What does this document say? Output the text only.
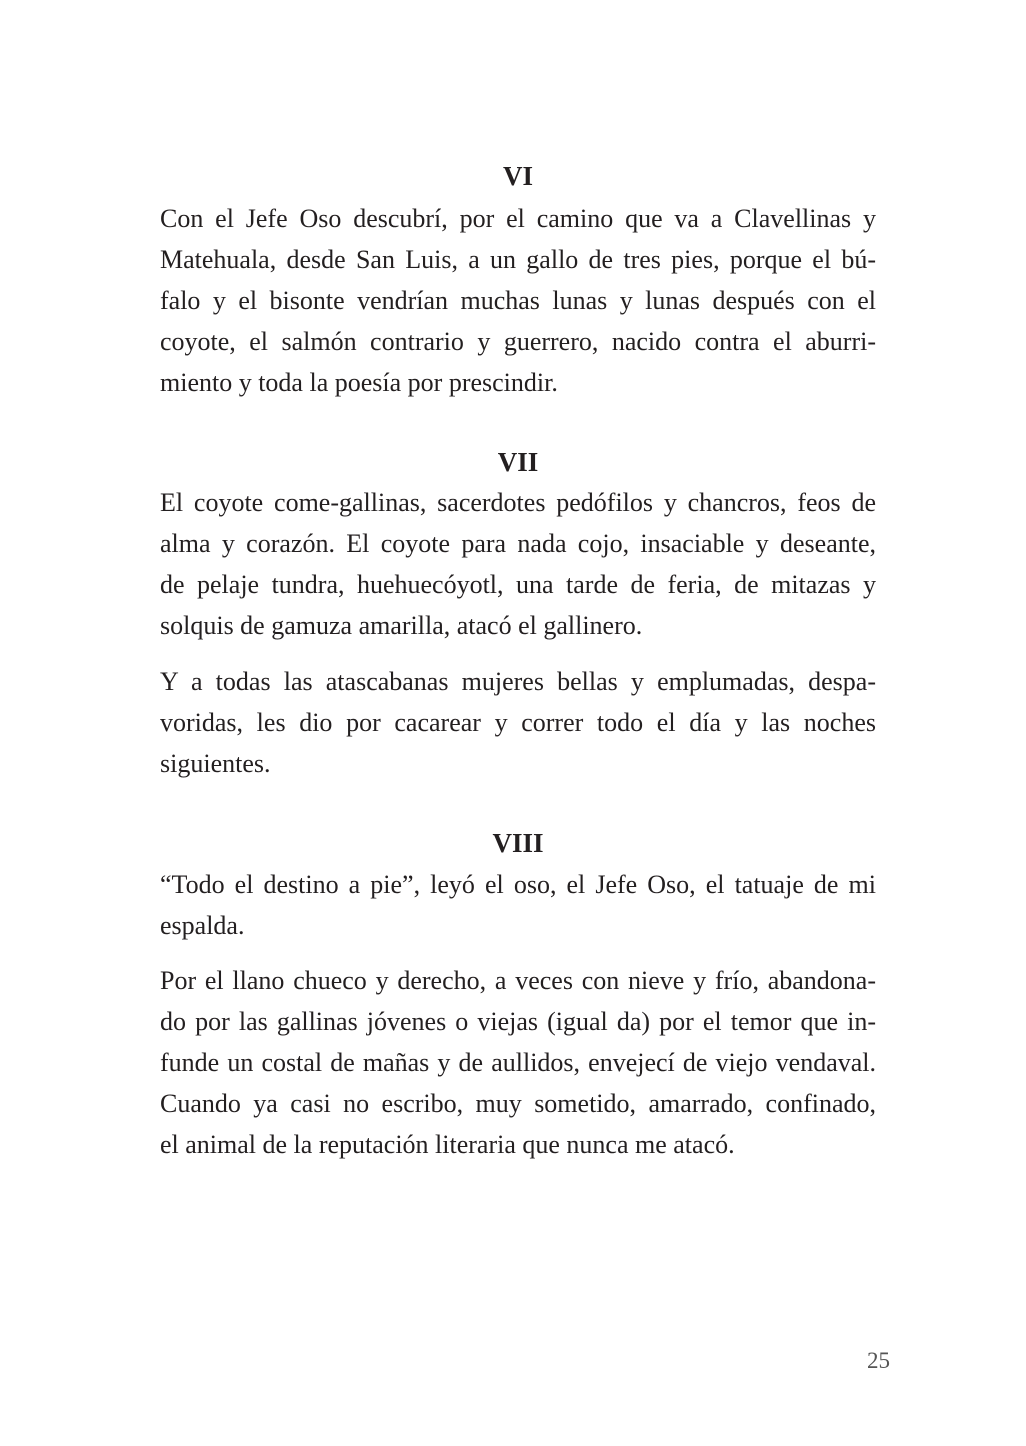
VI

Con el Jefe Oso descubrí, por el camino que va a Clavellinas y
Matehuala, desde San Luis, a un gallo de tres pies, porque el bú-
falo y el bisonte vendrían muchas lunas y lunas después con el
coyote, el salmón contrario y guerrero, nacido contra el aburri-
miento y toda la poesía por prescindir.

VII

El coyote come-gallinas, sacerdotes pedófilos y chancros, feos de
alma y corazón. El coyote para nada cojo, insaciable y deseante,
de pelaje tundra, huehuecóyotl, una tarde de feria, de mitazas y
solquis de gamuza amarilla, atacó el gallinero.

Y a todas las atascabanas mujeres bellas y emplumadas, despa-
voridas, les dio por cacarear y correr todo el día y las noches
siguientes.

VIII

“Todo el destino a pie”, leyó el oso, el Jefe Oso, el tatuaje de mi
espalda.

Por el llano chueco y derecho, a veces con nieve y frío, abandona-
do por las gallinas jóvenes o viejas (igual da) por el temor que in-
funde un costal de mañas y de aullidos, envejecí de viejo vendaval.
Cuando ya casi no escribo, muy sometido, amarrado, confinado,
el animal de la reputación literaria que nunca me atacó.

25
